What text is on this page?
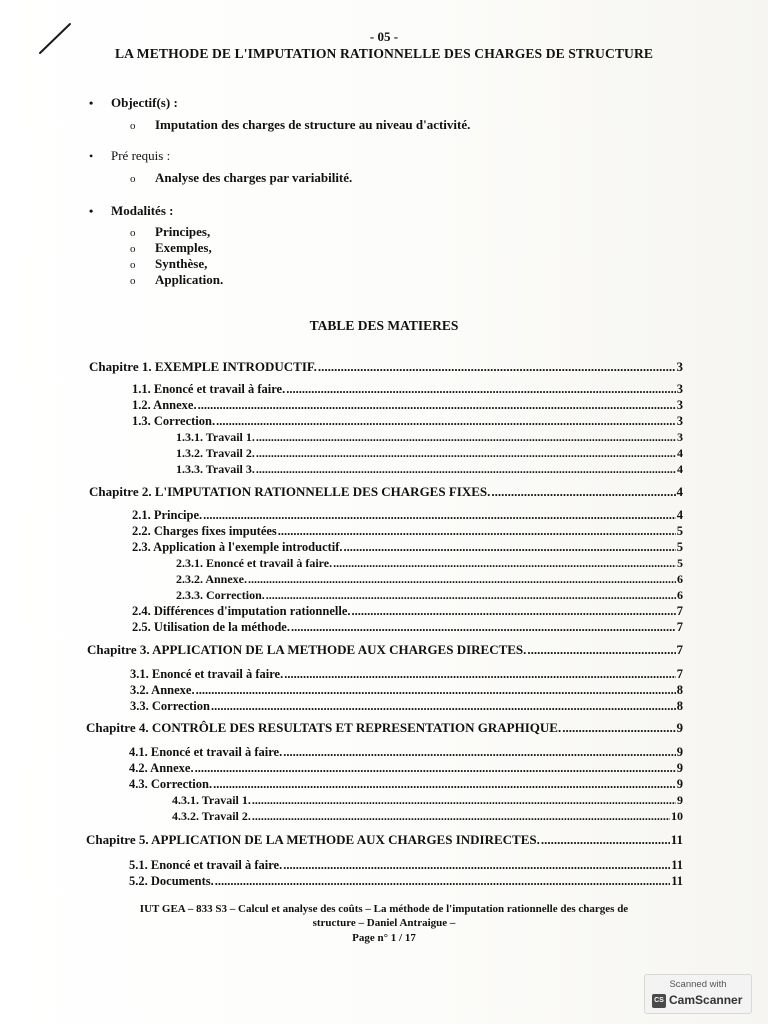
- 05 -
LA METHODE DE L'IMPUTATION RATIONNELLE DES CHARGES DE STRUCTURE
• Objectif(s) :
o Imputation des charges de structure au niveau d'activité.
• Pré requis :
o Analyse des charges par variabilité.
• Modalités :
o Principes,
o Exemples,
o Synthèse,
o Application.
TABLE DES MATIERES
Chapitre 1. EXEMPLE INTRODUCTIF. .....	3
1.1. Enoncé et travail à faire. .....	3
1.2. Annexe. .....	3
1.3. Correction. .....	3
1.3.1. Travail 1. .....	3
1.3.2. Travail 2. .....	4
1.3.3. Travail 3. .....	4
Chapitre 2. L'IMPUTATION RATIONNELLE DES CHARGES FIXES. .....	4
2.1. Principe. .....	4
2.2. Charges fixes imputées .....	5
2.3. Application à l'exemple introductif. .....	5
2.3.1. Enoncé et travail à faire. .....	5
2.3.2. Annexe. .....	6
2.3.3. Correction. .....	6
2.4. Différences d'imputation rationnelle. .....	7
2.5. Utilisation de la méthode. .....	7
Chapitre 3. APPLICATION DE LA METHODE AUX CHARGES DIRECTES. .....	7
3.1. Enoncé et travail à faire. .....	7
3.2. Annexe. .....	8
3.3. Correction .....	8
Chapitre 4. CONTRÔLE DES RESULTATS ET REPRESENTATION GRAPHIQUE. .....	9
4.1. Enoncé et travail à faire. .....	9
4.2. Annexe. .....	9
4.3. Correction. .....	9
4.3.1. Travail 1. .....	9
4.3.2. Travail 2. .....	10
Chapitre 5. APPLICATION DE LA METHODE AUX CHARGES INDIRECTES. .....	11
5.1. Enoncé et travail à faire. .....	11
5.2. Documents. .....	11
IUT GEA – 833 S3 – Calcul et analyse des coûts – La méthode de l'imputation rationnelle des charges de
structure – Daniel Antraigue –
Page n° 1 / 17
Scanned with
CS CamScanner
